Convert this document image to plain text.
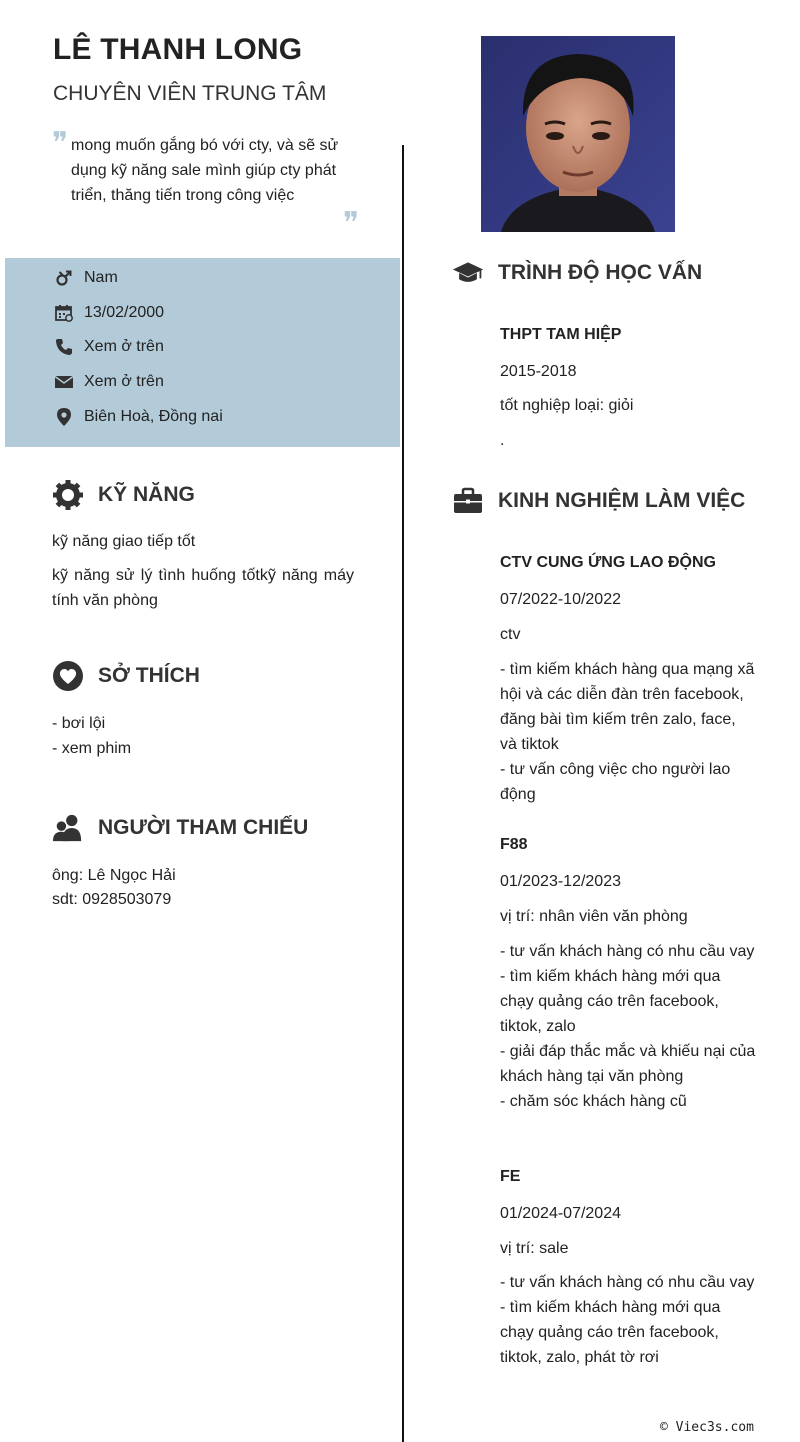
LÊ THANH LONG
CHUYÊN VIÊN TRUNG TÂM
❞ mong muốn gắng bó với cty, và sẽ sử dụng kỹ năng sale mình giúp cty phát triển, thăng tiến trong công việc
❞
Nam
13/02/2000
Xem ở trên
Xem ở trên
Biên Hoà, Đồng nai
KỸ NĂNG
kỹ năng giao tiếp tốt
kỹ năng sử lý tình huống tốtkỹ năng máy tính văn phòng
SỞ THÍCH
- bơi lội
- xem phim
NGƯỜI THAM CHIẾU
ông: Lê Ngọc Hải
sdt: 0928503079
TRÌNH ĐỘ HỌC VẤN
THPT TAM HIỆP
2015-2018
tốt nghiệp loại: giỏi
.
KINH NGHIỆM LÀM VIỆC
CTV CUNG ỨNG LAO ĐỘNG
07/2022-10/2022
ctv
- tìm kiếm khách hàng qua mạng xã hội và các diễn đàn trên facebook, đăng bài tìm kiếm trên zalo, face, và tiktok
- tư vấn công việc cho người lao động
F88
01/2023-12/2023
vị trí: nhân viên văn phòng
- tư vấn khách hàng có nhu cầu vay
- tìm kiếm khách hàng mới qua chạy quảng cáo trên facebook, tiktok, zalo
- giải đáp thắc mắc và khiếu nại của khách hàng tại văn phòng
- chăm sóc khách hàng cũ
FE
01/2024-07/2024
vị trí: sale
- tư vấn khách hàng có nhu cầu vay
- tìm kiếm khách hàng mới qua chạy quảng cáo trên facebook, tiktok, zalo, phát tờ rơi
© Viec3s.com
